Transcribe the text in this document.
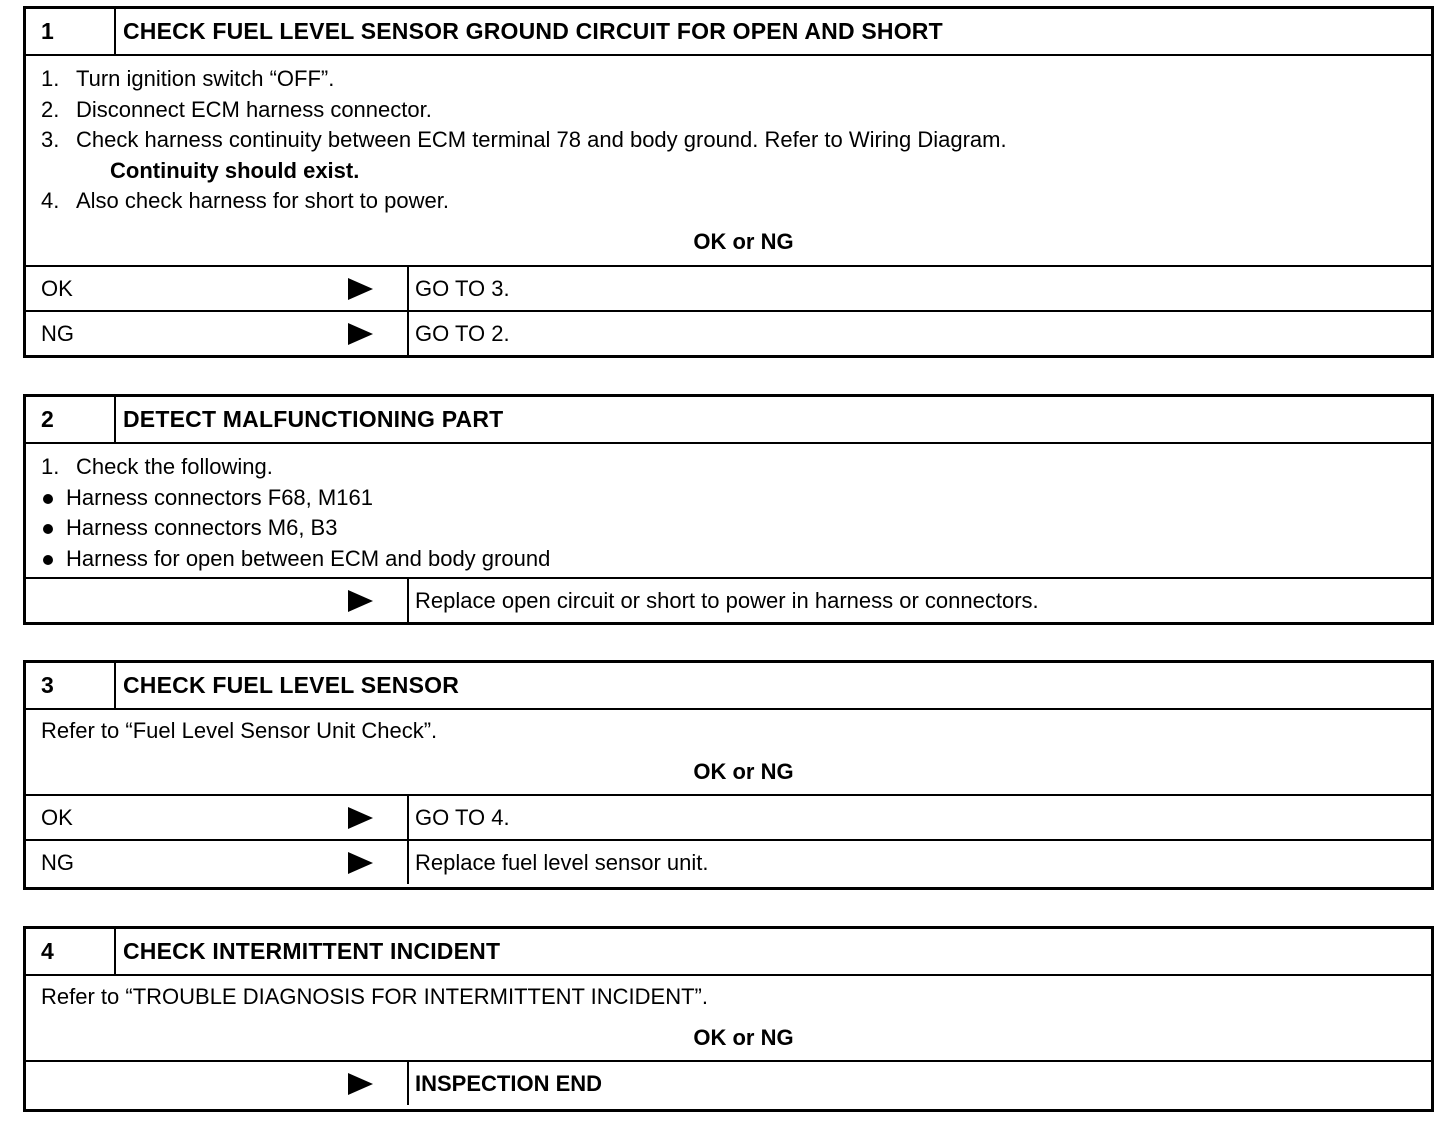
1	CHECK FUEL LEVEL SENSOR GROUND CIRCUIT FOR OPEN AND SHORT
1. Turn ignition switch “OFF”.
2. Disconnect ECM harness connector.
3. Check harness continuity between ECM terminal 78 and body ground. Refer to Wiring Diagram.
Continuity should exist.
4. Also check harness for short to power.
OK or NG
OK	GO TO 3.
NG	GO TO 2.
2	DETECT MALFUNCTIONING PART
1. Check the following.
Harness connectors F68, M161
Harness connectors M6, B3
Harness for open between ECM and body ground
Replace open circuit or short to power in harness or connectors.
3	CHECK FUEL LEVEL SENSOR
Refer to “Fuel Level Sensor Unit Check”.
OK or NG
OK	GO TO 4.
NG	Replace fuel level sensor unit.
4	CHECK INTERMITTENT INCIDENT
Refer to “TROUBLE DIAGNOSIS FOR INTERMITTENT INCIDENT”.
OK or NG
INSPECTION END
